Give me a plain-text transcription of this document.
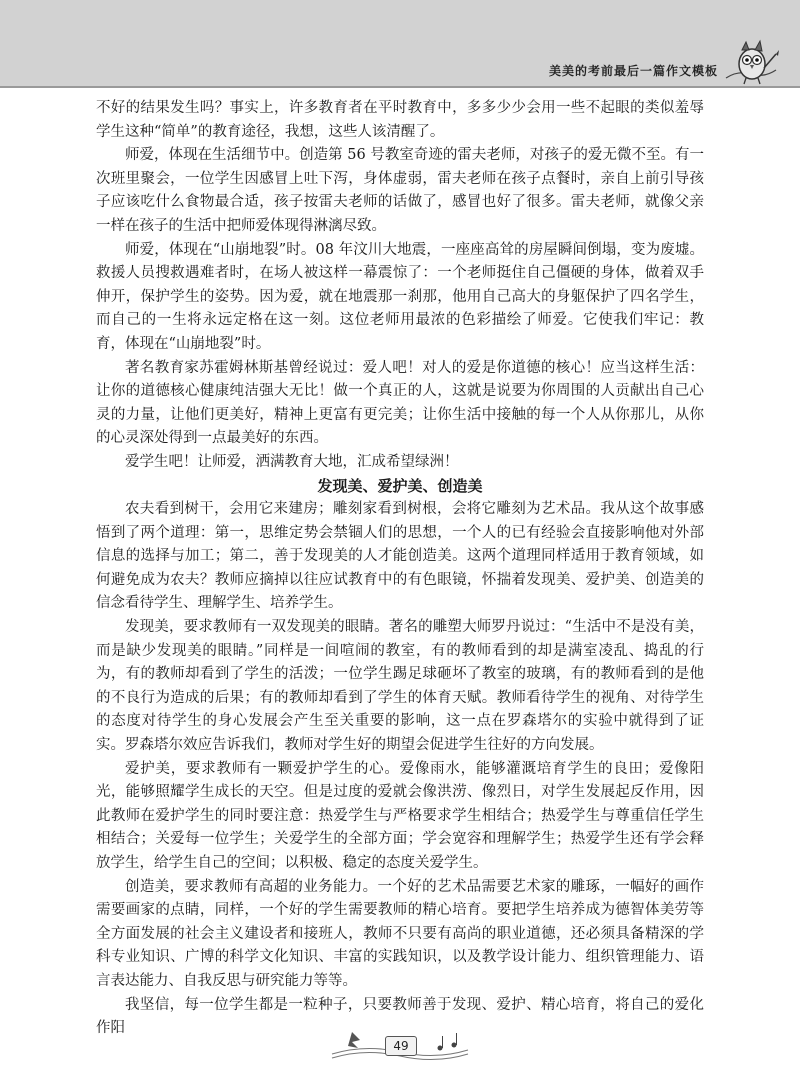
美美的考前最后一篇作文模板

不好的结果发生吗？事实上，许多教育者在平时教育中，多多少少会用一些不起眼的类似羞辱学生这种“简单”的教育途径，我想，这些人该清醒了。

师爱，体现在生活细节中。创造第 56 号教室奇迹的雷夫老师，对孩子的爱无微不至。有一次班里聚会，一位学生因感冒上吐下泻，身体虚弱，雷夫老师在孩子点餐时，亲自上前引导孩子应该吃什么食物最合适，孩子按雷夫老师的话做了，感冒也好了很多。雷夫老师，就像父亲一样在孩子的生活中把师爱体现得淋漓尽致。

师爱，体现在“山崩地裂”时。08 年汶川大地震，一座座高耸的房屋瞬间倒塌，变为废墟。救援人员搜救遇难者时，在场人被这样一幕震惊了：一个老师挺住自己僵硬的身体，做着双手伸开，保护学生的姿势。因为爱，就在地震那一刹那，他用自己高大的身躯保护了四名学生，而自己的一生将永远定格在这一刻。这位老师用最浓的色彩描绘了师爱。它使我们牢记：教育，体现在“山崩地裂”时。

著名教育家苏霍姆林斯基曾经说过：爱人吧！对人的爱是你道德的核心！应当这样生活：让你的道德核心健康纯洁强大无比！做一个真正的人，这就是说要为你周围的人贡献出自己心灵的力量，让他们更美好，精神上更富有更完美；让你生活中接触的每一个人从你那儿，从你的心灵深处得到一点最美好的东西。

爱学生吧！让师爱，洒满教育大地，汇成希望绿洲！

发现美、爱护美、创造美

农夫看到树干，会用它来建房；雕刻家看到树根，会将它雕刻为艺术品。我从这个故事感悟到了两个道理：第一，思维定势会禁锢人们的思想，一个人的已有经验会直接影响他对外部信息的选择与加工；第二，善于发现美的人才能创造美。这两个道理同样适用于教育领域，如何避免成为农夫？教师应摘掉以往应试教育中的有色眼镜，怀揣着发现美、爱护美、创造美的信念看待学生、理解学生、培养学生。

发现美，要求教师有一双发现美的眼睛。著名的雕塑大师罗丹说过：“生活中不是没有美，而是缺少发现美的眼睛。”同样是一间喧闹的教室，有的教师看到的却是满室凌乱、捣乱的行为，有的教师却看到了学生的活泼；一位学生踢足球砸坏了教室的玻璃，有的教师看到的是他的不良行为造成的后果；有的教师却看到了学生的体育天赋。教师看待学生的视角、对待学生的态度对待学生的身心发展会产生至关重要的影响，这一点在罗森塔尔的实验中就得到了证实。罗森塔尔效应告诉我们，教师对学生好的期望会促进学生往好的方向发展。

爱护美，要求教师有一颗爱护学生的心。爱像雨水，能够灌溉培育学生的良田；爱像阳光，能够照耀学生成长的天空。但是过度的爱就会像洪涝、像烈日，对学生发展起反作用，因此教师在爱护学生的同时要注意：热爱学生与严格要求学生相结合；热爱学生与尊重信任学生相结合；关爱每一位学生；关爱学生的全部方面；学会宽容和理解学生；热爱学生还有学会释放学生，给学生自己的空间；以积极、稳定的态度关爱学生。

创造美，要求教师有高超的业务能力。一个好的艺术品需要艺术家的雕琢，一幅好的画作需要画家的点睛，同样，一个好的学生需要教师的精心培育。要把学生培养成为德智体美劳等全方面发展的社会主义建设者和接班人，教师不只要有高尚的职业道德，还必须具备精深的学科专业知识、广博的科学文化知识、丰富的实践知识，以及教学设计能力、组织管理能力、语言表达能力、自我反思与研究能力等等。

我坚信，每一位学生都是一粒种子，只要教师善于发现、爱护、精心培育，将自己的爱化作阳

49
